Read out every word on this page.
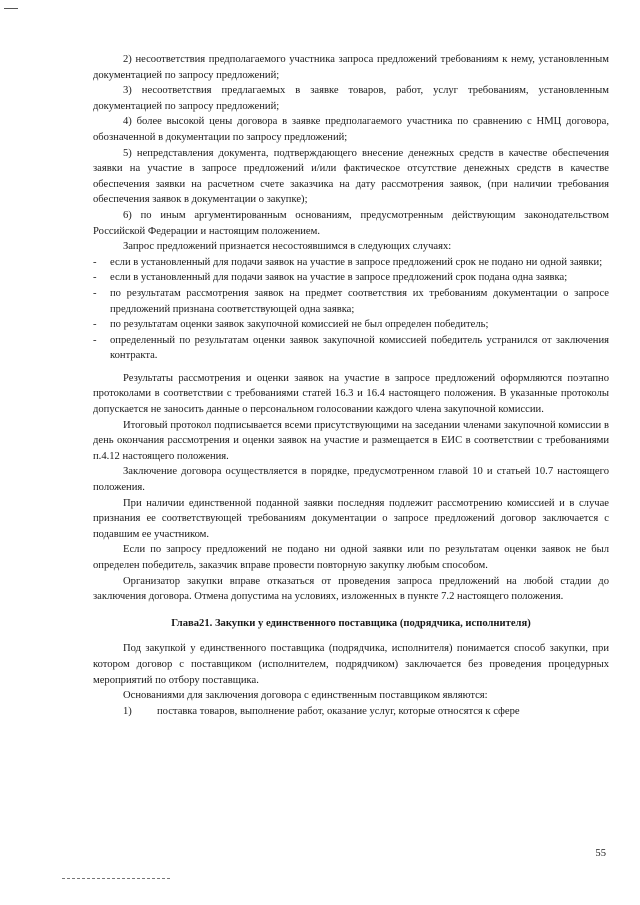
2) несоответствия предполагаемого участника запроса предложений требованиям к нему, установленным документацией по запросу предложений;

3) несоответствия предлагаемых в заявке товаров, работ, услуг требованиям, установленным документацией по запросу предложений;

4) более высокой цены договора в заявке предполагаемого участника по сравнению с НМЦ договора, обозначенной в документации по запросу предложений;

5) непредставления документа, подтверждающего внесение денежных средств в качестве обеспечения заявки на участие в запросе предложений и/или фактическое отсутствие денежных средств в качестве обеспечения заявки на расчетном счете заказчика на дату рассмотрения заявок, (при наличии требования обеспечения заявок в документации о закупке);

6) по иным аргументированным основаниям, предусмотренным действующим законодательством Российской Федерации и настоящим положением.

Запрос предложений признается несостоявшимся в следующих случаях:

- если в установленный для подачи заявок на участие в запросе предложений срок не подано ни одной заявки;
- если в установленный для подачи заявок на участие в запросе предложений срок подана одна заявка;
- по результатам рассмотрения заявок на предмет соответствия их требованиям документации о запросе предложений признана соответствующей одна заявка;
- по результатам оценки заявок закупочной комиссией не был определен победитель;
- определенный по результатам оценки заявок закупочной комиссией победитель устранился от заключения контракта.

Результаты рассмотрения и оценки заявок на участие в запросе предложений оформляются поэтапно протоколами в соответствии с требованиями статей 16.3 и 16.4 настоящего положения. В указанные протоколы допускается не заносить данные о персональном голосовании каждого члена закупочной комиссии.

Итоговый протокол подписывается всеми присутствующими на заседании членами закупочной комиссии в день окончания рассмотрения и оценки заявок на участие и размещается в ЕИС в соответствии с требованиями п.4.12 настоящего положения.

Заключение договора осуществляется в порядке, предусмотренном главой 10 и статьей 10.7 настоящего положения.

При наличии единственной поданной заявки последняя подлежит рассмотрению комиссией и в случае признания ее соответствующей требованиям документации о запросе предложений договор заключается с подавшим ее участником.

Если по запросу предложений не подано ни одной заявки или по результатам оценки заявок не был определен победитель, заказчик вправе провести повторную закупку любым способом.

Организатор закупки вправе отказаться от проведения запроса предложений на любой стадии до заключения договора. Отмена допустима на условиях, изложенных в пункте 7.2 настоящего положения.

Глава21. Закупки у единственного поставщика (подрядчика, исполнителя)

Под закупкой у единственного поставщика (подрядчика, исполнителя) понимается способ закупки, при котором договор с поставщиком (исполнителем, подрядчиком) заключается без проведения процедурных мероприятий по отбору поставщика.

Основаниями для заключения договора с единственным поставщиком являются:

1)	поставка товаров, выполнение работ, оказание услуг, которые относятся к сфере
55
